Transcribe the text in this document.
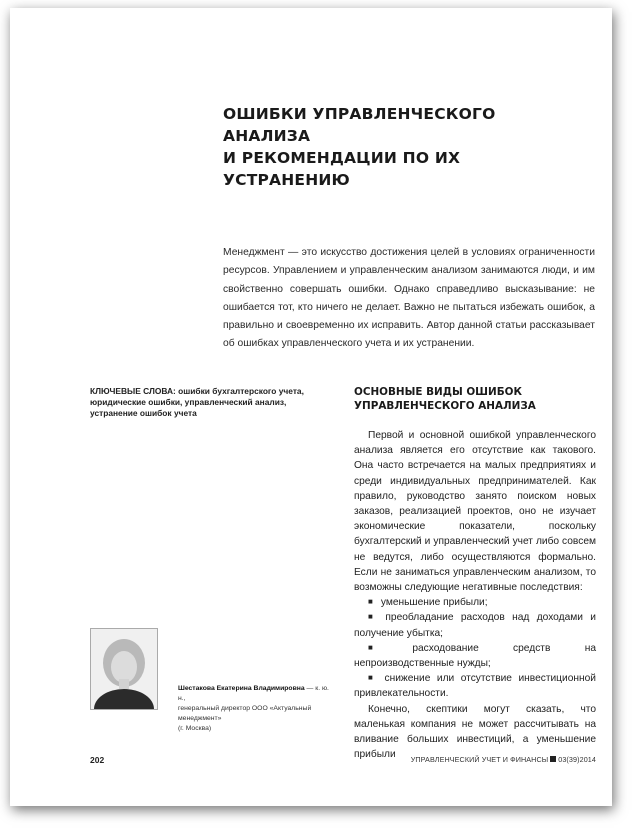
ОШИБКИ УПРАВЛЕНЧЕСКОГО АНАЛИЗА
И РЕКОМЕНДАЦИИ ПО ИХ УСТРАНЕНИЮ

Менеджмент — это искусство достижения целей в условиях ограниченности ресурсов. Управлением и управленческим анализом занимаются люди, и им свойственно совершать ошибки. Однако справедливо высказывание: не ошибается тот, кто ничего не делает. Важно не пытаться избежать ошибок, а правильно и своевременно их исправить. Автор данной статьи рассказывает об ошибках управленческого учета и их устранении.

КЛЮЧЕВЫЕ СЛОВА: ошибки бухгалтерского учета, юридические ошибки, управленческий анализ, устранение ошибок учета

ОСНОВНЫЕ ВИДЫ ОШИБОК
УПРАВЛЕНЧЕСКОГО АНАЛИЗА

Первой и основной ошибкой управленческого анализа является его отсутствие как такового. Она часто встречается на малых предприятиях и среди индивидуальных предпринимателей. Как правило, руководство занято поиском новых заказов, реализацией проектов, оно не изучает экономические показатели, поскольку бухгалтерский и управленческий учет либо совсем не ведутся, либо осуществляются формально. Если не заниматься управленческим анализом, то возможны следующие негативные последствия:

■ уменьшение прибыли;

■ преобладание расходов над доходами и получение убытка;

■ расходование средств на непроизводственные нужды;

■ снижение или отсутствие инвестиционной привлекательности.

Конечно, скептики могут сказать, что маленькая компания не может рассчитывать на вливание больших инвестиций, а уменьшение прибыли

Шестакова Екатерина Владимировна — к. ю. н.,
генеральный директор ООО «Актуальный менеджмент»
(г. Москва)

202	УПРАВЛЕНЧЕСКИЙ УЧЕТ И ФИНАНСЫ 03(39)2014
